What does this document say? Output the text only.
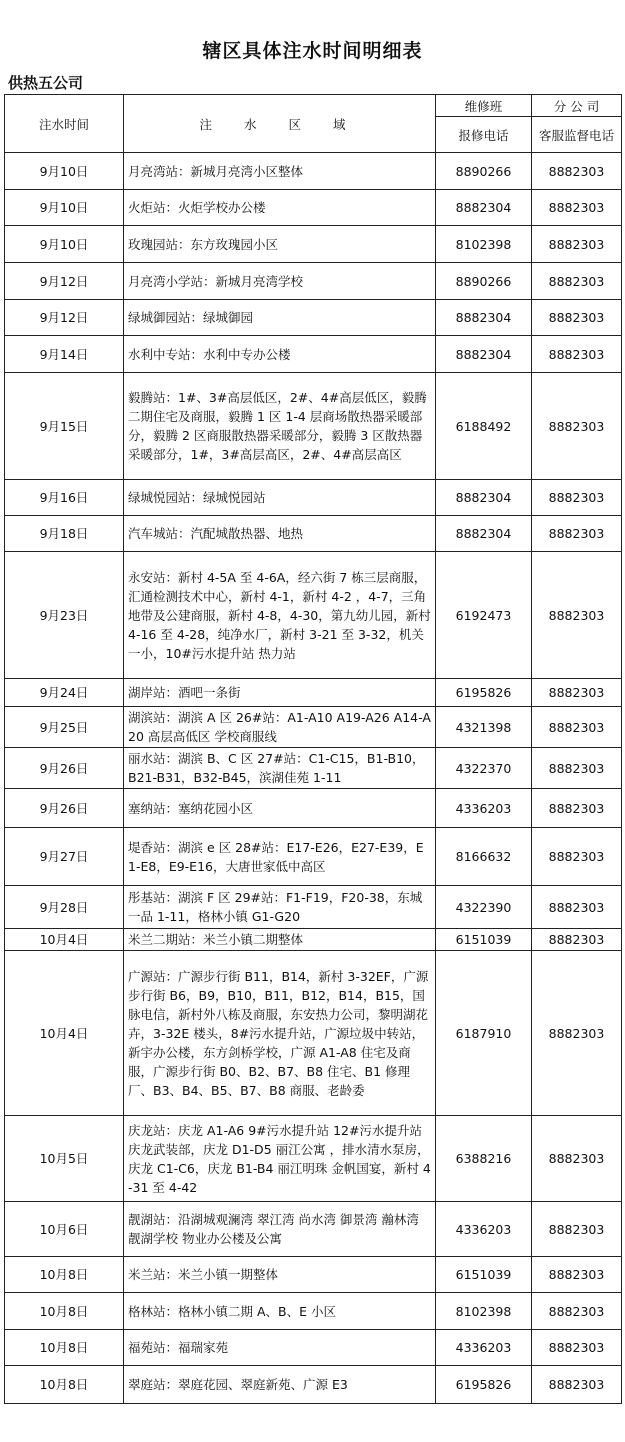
辖区具体注水时间明细表
供热五公司
注水时间	注 水 区 域	维修班	分 公 司
		报修电话	客服监督电话
9月10日	月亮湾站：新城月亮湾小区整体	8890266	8882303
9月10日	火炬站：火炬学校办公楼	8882304	8882303
9月10日	玫瑰园站：东方玫瑰园小区	8102398	8882303
9月12日	月亮湾小学站：新城月亮湾学校	8890266	8882303
9月12日	绿城御园站：绿城御园	8882304	8882303
9月14日	水利中专站：水利中专办公楼	8882304	8882303
9月15日	毅腾站：1#、3#高层低区，2#、4#高层低区，毅腾二期住宅及商服，毅腾 1 区 1-4 层商场散热器采暖部分，毅腾 2 区商服散热器采暖部分，毅腾 3 区散热器采暖部分，1#，3#高层高区，2#、4#高层高区	6188492	8882303
9月16日	绿城悦园站：绿城悦园站	8882304	8882303
9月18日	汽车城站：汽配城散热器、地热	8882304	8882303
9月23日	永安站：新村 4-5A 至 4-6A，经六街 7 栋三层商服，汇通检测技术中心，新村 4-1，新村 4-2 ，4-7，三角地带及公建商服，新村 4-8，4-30，第九幼儿园，新村 4-16 至 4-28，纯净水厂，新村 3-21 至 3-32，机关一小，10#污水提升站 热力站	6192473	8882303
9月24日	湖岸站：酒吧一条街	6195826	8882303
9月25日	湖滨站：湖滨 A 区 26#站：A1-A10 A19-A26 A14-A20 高层高低区 学校商服线	4321398	8882303
9月26日	丽水站：湖滨 B、C 区 27#站：C1-C15，B1-B10，B21-B31，B32-B45，滨湖佳苑 1-11	4322370	8882303
9月26日	塞纳站：塞纳花园小区	4336203	8882303
9月27日	堤香站：湖滨 e 区 28#站：E17-E26，E27-E39，E1-E8，E9-E16，大唐世家低中高区	8166632	8882303
9月28日	彤基站：湖滨 F 区 29#站：F1-F19，F20-38，东城一品 1-11，格林小镇 G1-G20	4322390	8882303
10月4日	米兰二期站：米兰小镇二期整体	6151039	8882303
10月4日	广源站：广源步行街 B11，B14，新村 3-32EF，广源步行街 B6，B9，B10，B11，B12，B14，B15，国脉电信，新村外八栋及商服，东安热力公司，黎明湖花卉，3-32E 楼头，8#污水提升站，广源垃圾中转站，新宇办公楼，东方剑桥学校，广源 A1-A8 住宅及商服，广源步行街 B0、B2、B7、B8 住宅、B1 修理厂、B3、B4、B5、B7、B8 商服、老龄委	6187910	8882303
10月5日	庆龙站：庆龙 A1-A6 9#污水提升站 12#污水提升站 庆龙武装部，庆龙 D1-D5 丽江公寓 ，排水清水泵房，庆龙 C1-C6，庆龙 B1-B4 丽江明珠 金帆国宴，新村 4-31 至 4-42	6388216	8882303
10月6日	靓湖站：沿湖城观澜湾 翠江湾 尚水湾 御景湾 瀚林湾 靓湖学校 物业办公楼及公寓	4336203	8882303
10月8日	米兰站：米兰小镇一期整体	6151039	8882303
10月8日	格林站：格林小镇二期 A、B、E 小区	8102398	8882303
10月8日	福苑站：福瑞家苑	4336203	8882303
10月8日	翠庭站：翠庭花园、翠庭新苑、广源 E3	6195826	8882303
